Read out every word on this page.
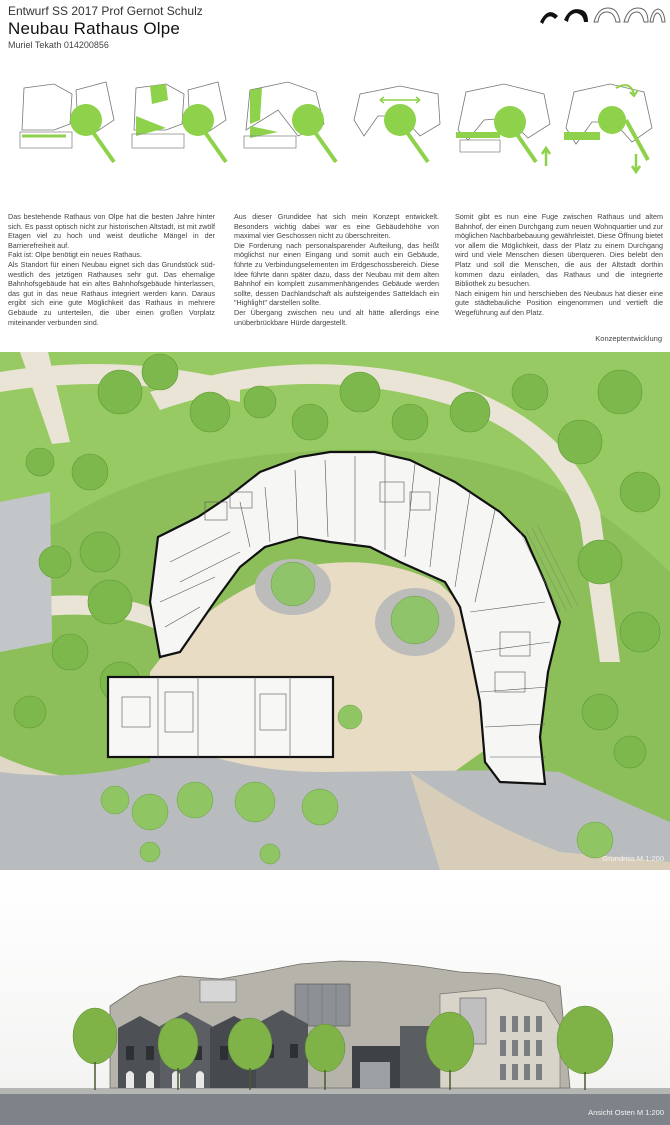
Entwurf SS 2017 Prof Gernot Schulz
Neubau Rathaus Olpe
Muriel Tekath 014200856
Das bestehende Rathaus von Olpe hat die besten Jahre hinter sich. Es passt optisch nicht zur historischen Altstadt, ist mit zwölf Etagen viel zu hoch und weist deutliche Mängel in der Barrierefreiheit auf.
Fakt ist: Olpe benötigt ein neues Rathaus.
Als Standort für einen Neubau eignet sich das Grundstück süd-westlich des jetztigen Rathauses sehr gut. Das ehemalige Bahnhofsgebäude hat ein altes Bahnhofsgebäude hinterlassen, das gut in das neue Rathaus integriert werden kann. Daraus ergibt sich eine gute Möglichkeit das Rathaus in mehrere Gebäude zu unterteilen, die über einen großen Vorplatz miteinander verbunden sind.
Aus dieser Grundidee hat sich mein Konzept entwickelt. Besonders wichtig dabei war es eine Gebäudehöhe von maximal vier Geschossen nicht zu überschreiten.
Die Forderung nach personalsparender Aufteilung, das heißt möglichst nur einen Eingang und somit auch ein Gebäude, führte zu Verbindungselementen im Erdgeschossbereich. Diese Idee führte dann später dazu, dass der Neubau mit dem alten Bahnhof ein komplett zusammenhängendes Gebäude werden sollte, dessen Dachlandschaft als aufsteigendes Satteldach ein "Highlight" darstellen sollte.
Der Übergang zwischen neu und alt hätte allerdings eine unüberbrückbare Hürde dargestellt.
Somit gibt es nun eine Fuge zwischen Rathaus und altem Bahnhof, der einen Durchgang zum neuen Wohnquartier und zur möglichen Nachbarbebauung gewährleistet. Diese Öffnung bietet vor allem die Möglichkeit, dass der Platz zu einem Durchgang wird und viele Menschen diesen überqueren. Dies belebt den Platz und soll die Menschen, die aus der Altstadt dorthin kommen dazu einladen, das Rathaus und die integrierte Bibliothek zu besuchen.
Nach einigem hin und herschieben des Neubaus hat dieser eine gute städtebauliche Position eingenommen und vertieft die Wegeführung auf den Platz.
Konzeptentwicklung
Grundriss M 1:200
Ansicht Osten M 1:200
